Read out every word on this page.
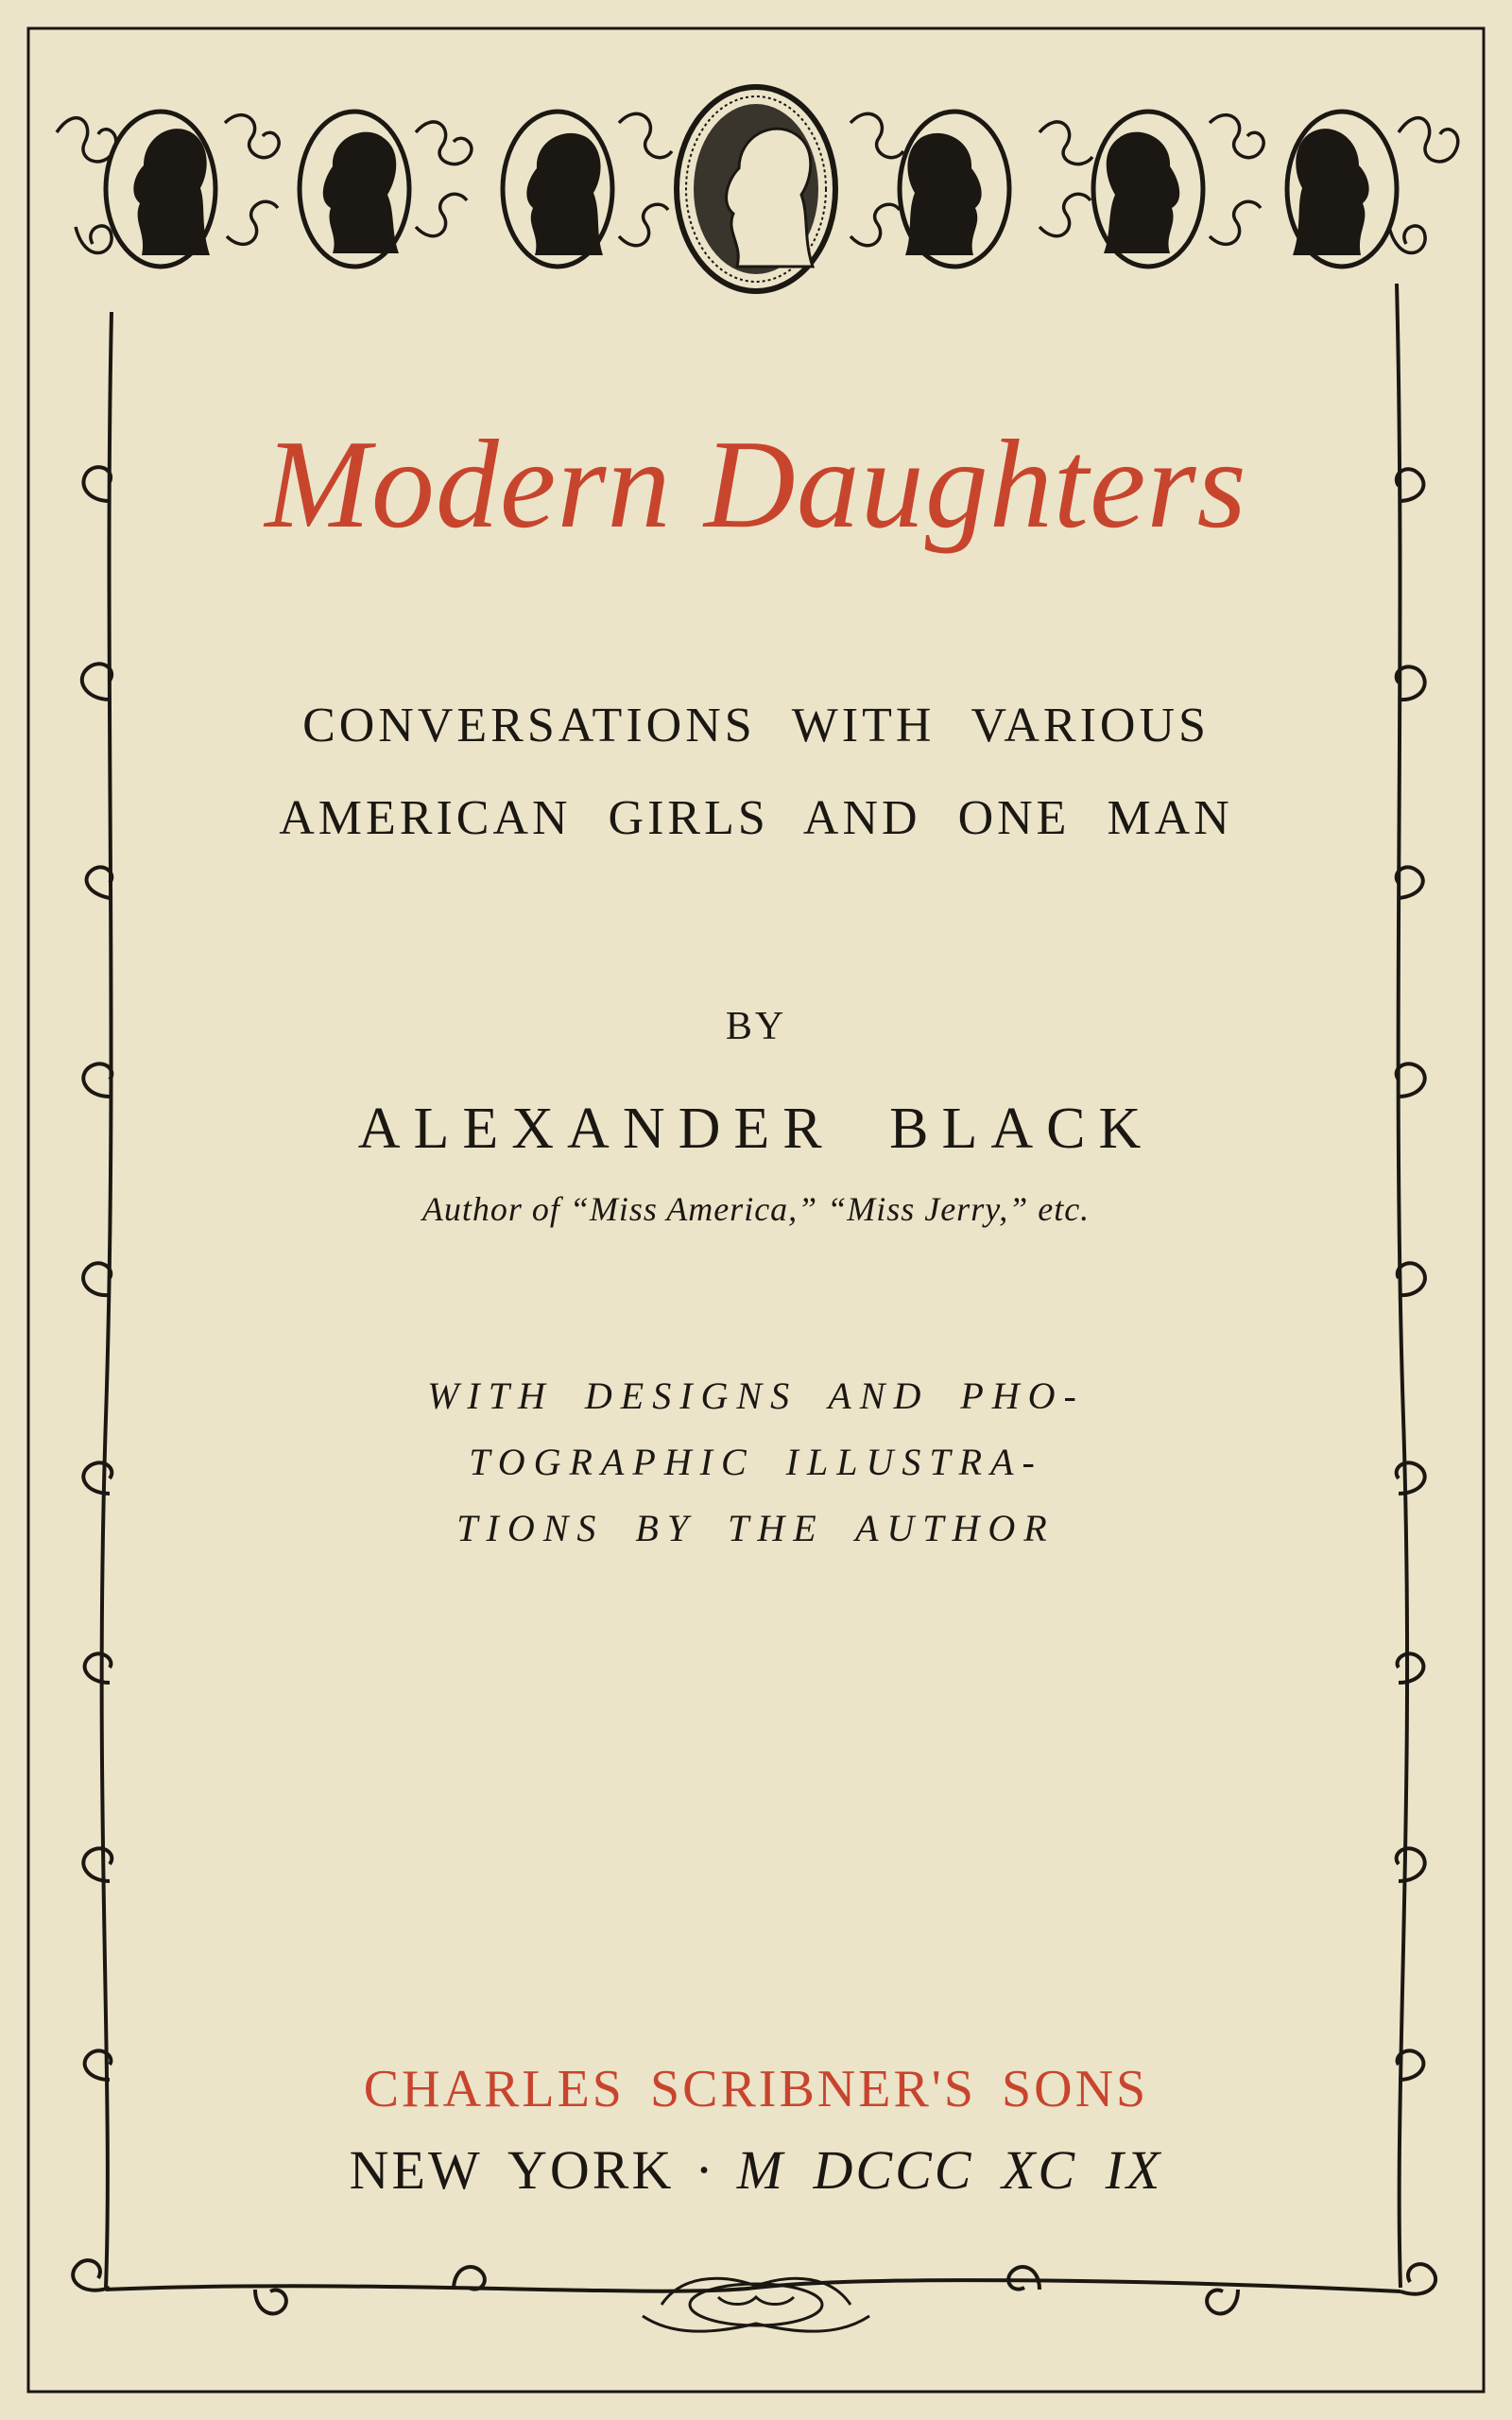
Modern Daughters
CONVERSATIONS WITH VARIOUS
AMERICAN GIRLS AND ONE MAN
BY
ALEXANDER BLACK
Author of “Miss America,” “Miss Jerry,” etc.
WITH DESIGNS AND PHO-
TOGRAPHIC ILLUSTRA-
TIONS BY THE AUTHOR
CHARLES SCRIBNER'S SONS
NEW YORK · M DCCC XC IX
